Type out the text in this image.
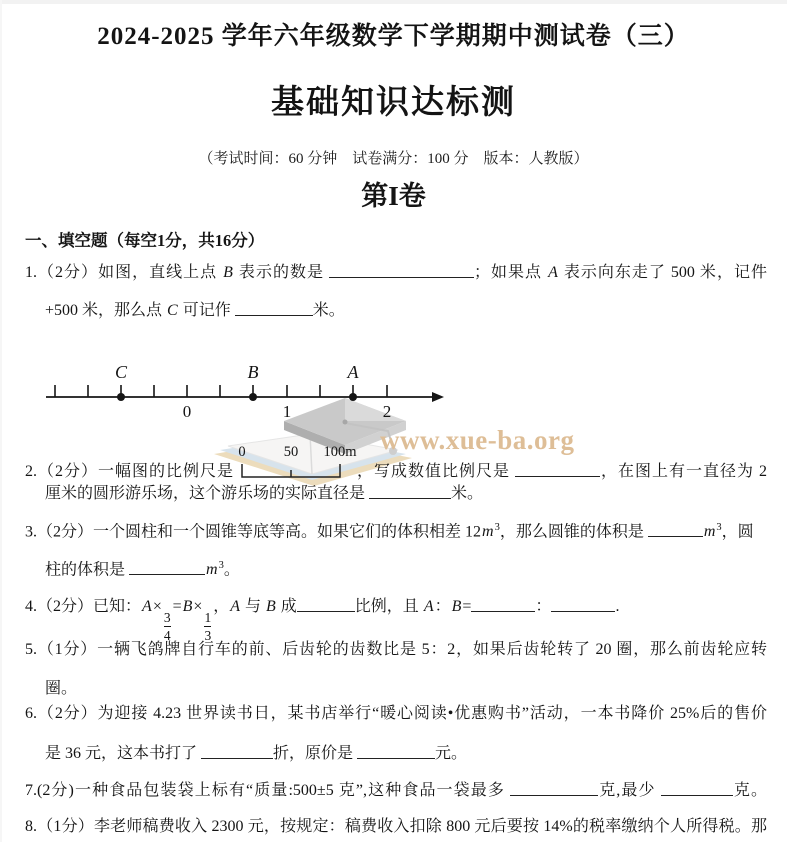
www.xue-ba.org
2024-2025 学年六年级数学下学期期中测试卷（三）
基础知识达标测
（考试时间：60 分钟　试卷满分：100 分　版本：人教版）
第I卷
一、填空题（每空1分，共16分）
1.（2分）如图，直线上点 B 表示的数是	；如果点 A 表示向东走了 500 米，记件
+500 米，那么点 C 可记作	米。
C	B	A
0	1	2
2.（2分）一幅图的比例尺是
0	50 100m
，写成数值比例尺是	，在图上有一直径为 2
厘米的圆形游乐场，这个游乐场的实际直径是	米。
3.（2分）一个圆柱和一个圆锥等底等高。如果它们的体积相差 $12m^3$，那么圆锥的体积是	$m^3$，圆
柱的体积是	$m^3$。
4.（2分）已知：A×
$\frac{3}{4}$
=B×
$\frac{1}{3}$
，A 与 B 成	比例，且 A：B=	：	.
5.（1分）一辆飞鸽牌自行车的前、后齿轮的齿数比是 5：2，如果后齿轮转了 20 圈，那么前齿轮应转
圈。
6.（2分）为迎接 4.23 世界读书日，某书店举行“暖心阅读•优惠购书”活动，一本书降价 25%后的售价
是 36 元，这本书打了	折，原价是	元。
7.(2分)一种食品包装袋上标有“质量:500±5 克”,这种食品一袋最多	克,最少	克。
8.（1分）李老师稿费收入 2300 元，按规定：稿费收入扣除 800 元后要按 14%的税率缴纳个人所得税。那
